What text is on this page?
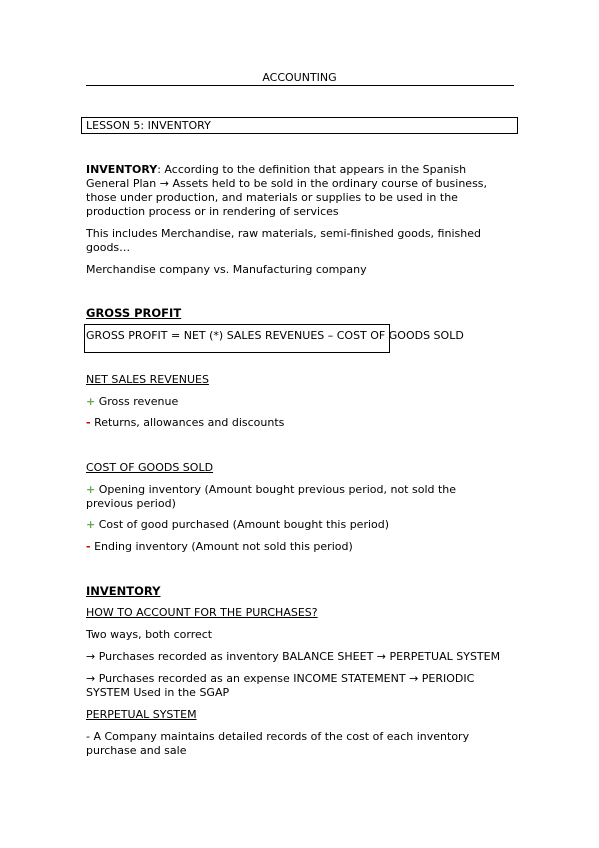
ACCOUNTING
LESSON 5: INVENTORY
INVENTORY: According to the definition that appears in the Spanish General Plan → Assets held to be sold in the ordinary course of business, those under production, and materials or supplies to be used in the production process or in rendering of services
This includes Merchandise, raw materials, semi-finished goods, finished goods…
Merchandise company vs. Manufacturing company
GROSS PROFIT
GROSS PROFIT = NET (*) SALES REVENUES – COST OF GOODS SOLD
NET SALES REVENUES
+ Gross revenue
- Returns, allowances and discounts
COST OF GOODS SOLD
+ Opening inventory (Amount bought previous period, not sold the previous period)
+ Cost of good purchased (Amount bought this period)
- Ending inventory (Amount not sold this period)
INVENTORY
HOW TO ACCOUNT FOR THE PURCHASES?
Two ways, both correct
→ Purchases recorded as inventory BALANCE SHEET → PERPETUAL SYSTEM
→ Purchases recorded as an expense INCOME STATEMENT → PERIODIC SYSTEM Used in the SGAP
PERPETUAL SYSTEM
- A Company maintains detailed records of the cost of each inventory purchase and sale
